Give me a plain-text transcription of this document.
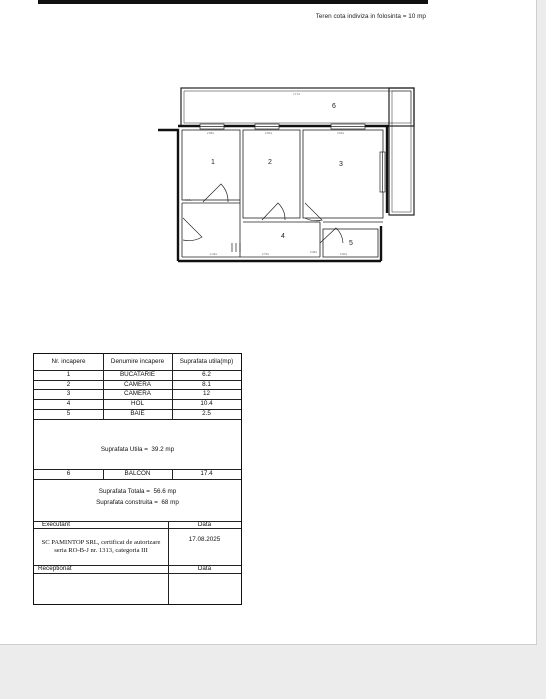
Teren cota indiviza in folosinta = 10 mp
7.17m
2.68m	2.60m	3.64m
3.03m
0.38m
2.43m	2.75m	2.50m
1	2	3
4
5
6
Nr. incapere	Denumire incapere	Suprafata utila(mp)
1	BUCATARIE	6.2
2	CAMERA	8.1
3	CAMERA	12
4	HOL	10.4
5	BAIE	2.5
Suprafata Utila =
39.2 mp
6	BALCON	17.4
Suprafata Totala =
56.6 mp
Suprafata construita =
68 mp
Executant	Data
SC PAMINTOP SRL, certificat de autorizare seria RO-B-J nr. 1313, categoria III
17.08.2025
Receptionat	Data
